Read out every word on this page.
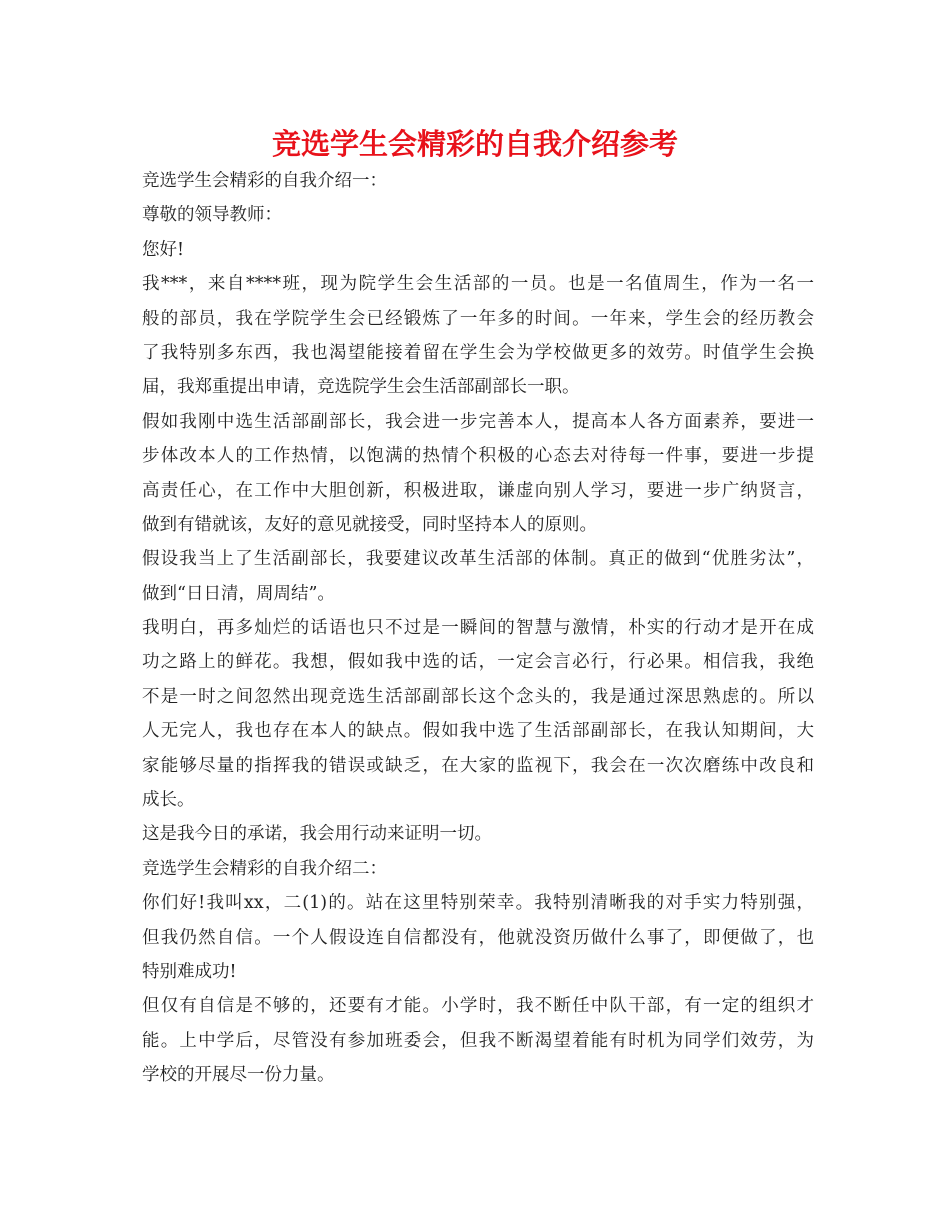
竞选学生会精彩的自我介绍参考
竞选学生会精彩的自我介绍一：
尊敬的领导教师：
您好!
我***，来自****班，现为院学生会生活部的一员。也是一名值周生，作为一名一
般的部员，我在学院学生会已经锻炼了一年多的时间。一年来，学生会的经历教会
了我特别多东西，我也渴望能接着留在学生会为学校做更多的效劳。时值学生会换
届，我郑重提出申请，竞选院学生会生活部副部长一职。
假如我刚中选生活部副部长，我会进一步完善本人，提高本人各方面素养，要进一
步体改本人的工作热情，以饱满的热情个积极的心态去对待每一件事，要进一步提
高责任心，在工作中大胆创新，积极进取，谦虚向别人学习，要进一步广纳贤言，
做到有错就该，友好的意见就接受，同时坚持本人的原则。
假设我当上了生活副部长，我要建议改革生活部的体制。真正的做到“优胜劣汰”，
做到“日日清，周周结”。
我明白，再多灿烂的话语也只不过是一瞬间的智慧与激情，朴实的行动才是开在成
功之路上的鲜花。我想，假如我中选的话，一定会言必行，行必果。相信我，我绝
不是一时之间忽然出现竞选生活部副部长这个念头的，我是通过深思熟虑的。所以
人无完人，我也存在本人的缺点。假如我中选了生活部副部长，在我认知期间，大
家能够尽量的指挥我的错误或缺乏，在大家的监视下，我会在一次次磨练中改良和
成长。
这是我今日的承诺，我会用行动来证明一切。
竞选学生会精彩的自我介绍二：
你们好!我叫xx，二(1)的。站在这里特别荣幸。我特别清晰我的对手实力特别强，
但我仍然自信。一个人假设连自信都没有，他就没资历做什么事了，即便做了，也
特别难成功!
但仅有自信是不够的，还要有才能。小学时，我不断任中队干部，有一定的组织才
能。上中学后，尽管没有参加班委会，但我不断渴望着能有时机为同学们效劳，为
学校的开展尽一份力量。
